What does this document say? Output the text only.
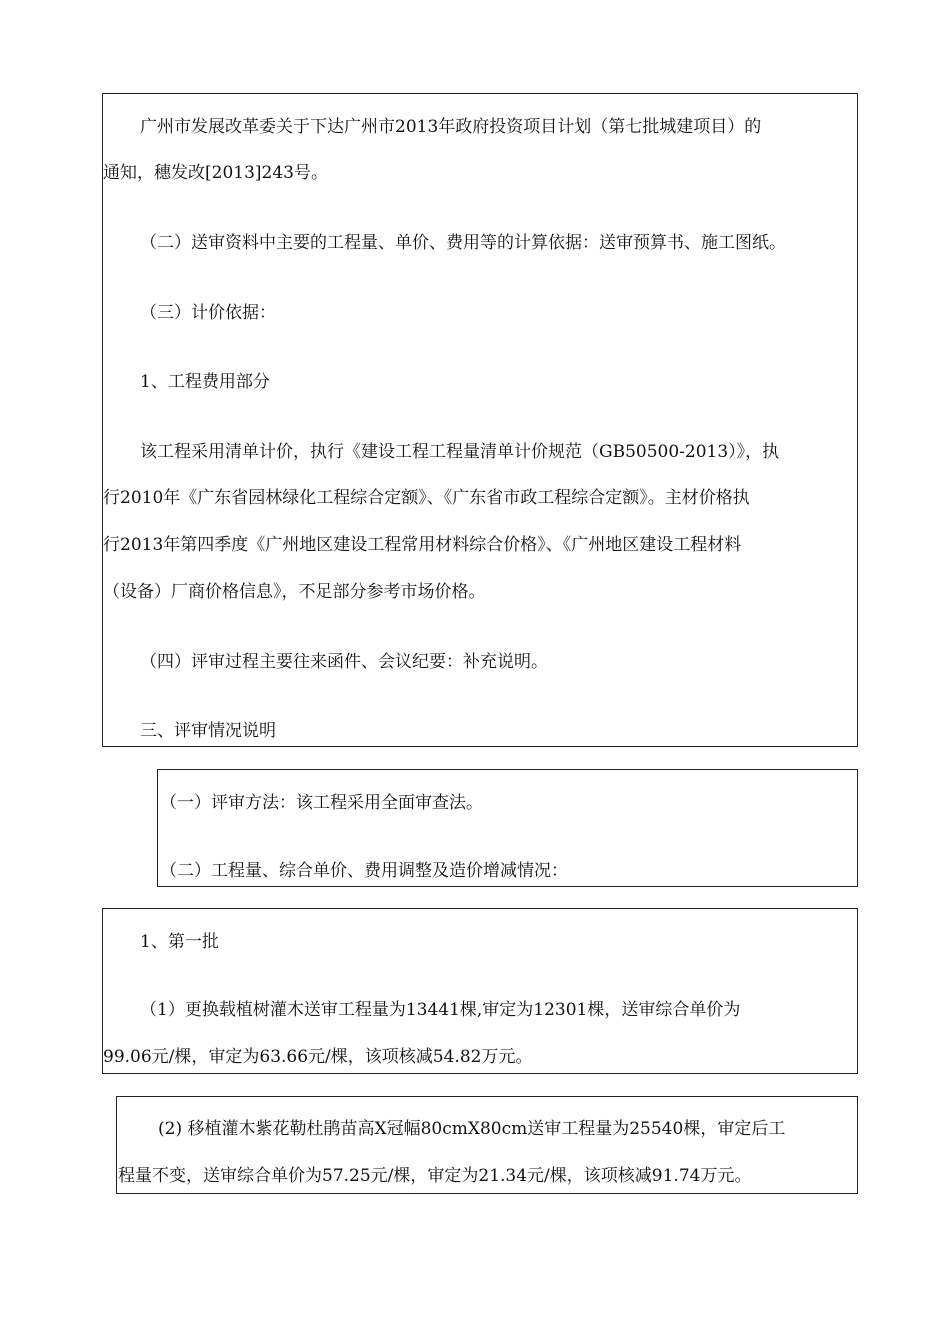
广州市发展改革委关于下达广州市2013年政府投资项目计划（第七批城建项目）的
通知，穗发改[2013]243号。
（二）送审资料中主要的工程量、单价、费用等的计算依据：送审预算书、施工图纸。
（三）计价依据：
1、工程费用部分
该工程采用清单计价，执行《建设工程工程量清单计价规范（GB50500-2013）》，执
行2010年《广东省园林绿化工程综合定额》、《广东省市政工程综合定额》。主材价格执
行2013年第四季度《广州地区建设工程常用材料综合价格》、《广州地区建设工程材料
（设备）厂商价格信息》，不足部分参考市场价格。
（四）评审过程主要往来函件、会议纪要：补充说明。
三、评审情况说明
（一）评审方法：该工程采用全面审查法。
（二）工程量、综合单价、费用调整及造价增减情况：
1、第一批
（1）更换载植树灌木送审工程量为13441棵,审定为12301棵，送审综合单价为
99.06元/棵，审定为63.66元/棵，该项核减54.82万元。
(2) 移植灌木紫花勒杜鹃苗高X冠幅80cmX80cm送审工程量为25540棵，审定后工
程量不变，送审综合单价为57.25元/棵，审定为21.34元/棵，该项核减91.74万元。
